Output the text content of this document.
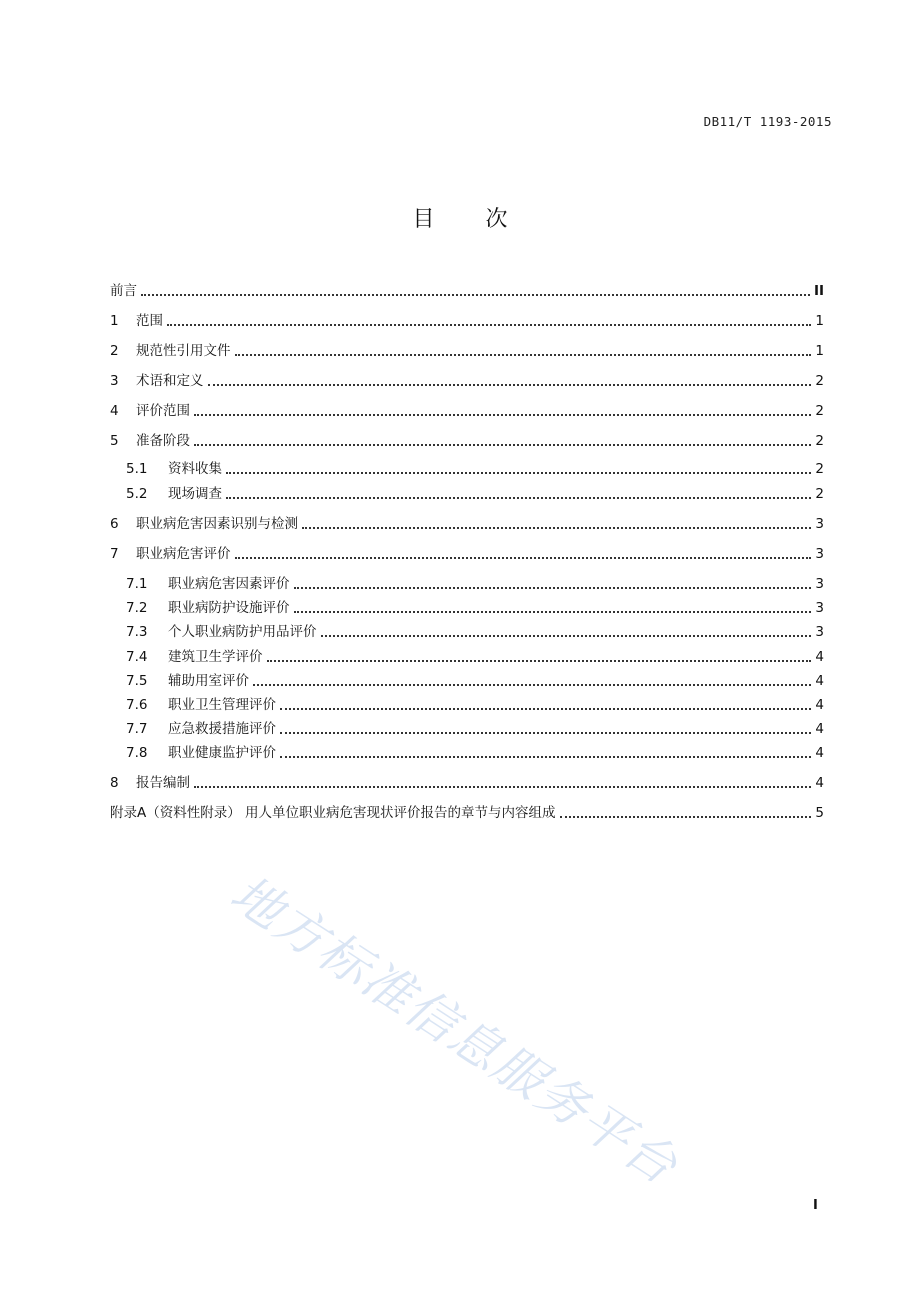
DB11/T 1193-2015
目 次
前言	II
1	范围	1
2	规范性引用文件	1
3	术语和定义	2
4	评价范围	2
5	准备阶段	2
5.1	资料收集	2
5.2	现场调查	2
6	职业病危害因素识别与检测	3
7	职业病危害评价	3
7.1	职业病危害因素评价	3
7.2	职业病防护设施评价	3
7.3	个人职业病防护用品评价	3
7.4	建筑卫生学评价	4
7.5	辅助用室评价	4
7.6	职业卫生管理评价	4
7.7	应急救援措施评价	4
7.8	职业健康监护评价	4
8	报告编制	4
附录A（资料性附录） 用人单位职业病危害现状评价报告的章节与内容组成	5
I
地方标准信息服务平台
